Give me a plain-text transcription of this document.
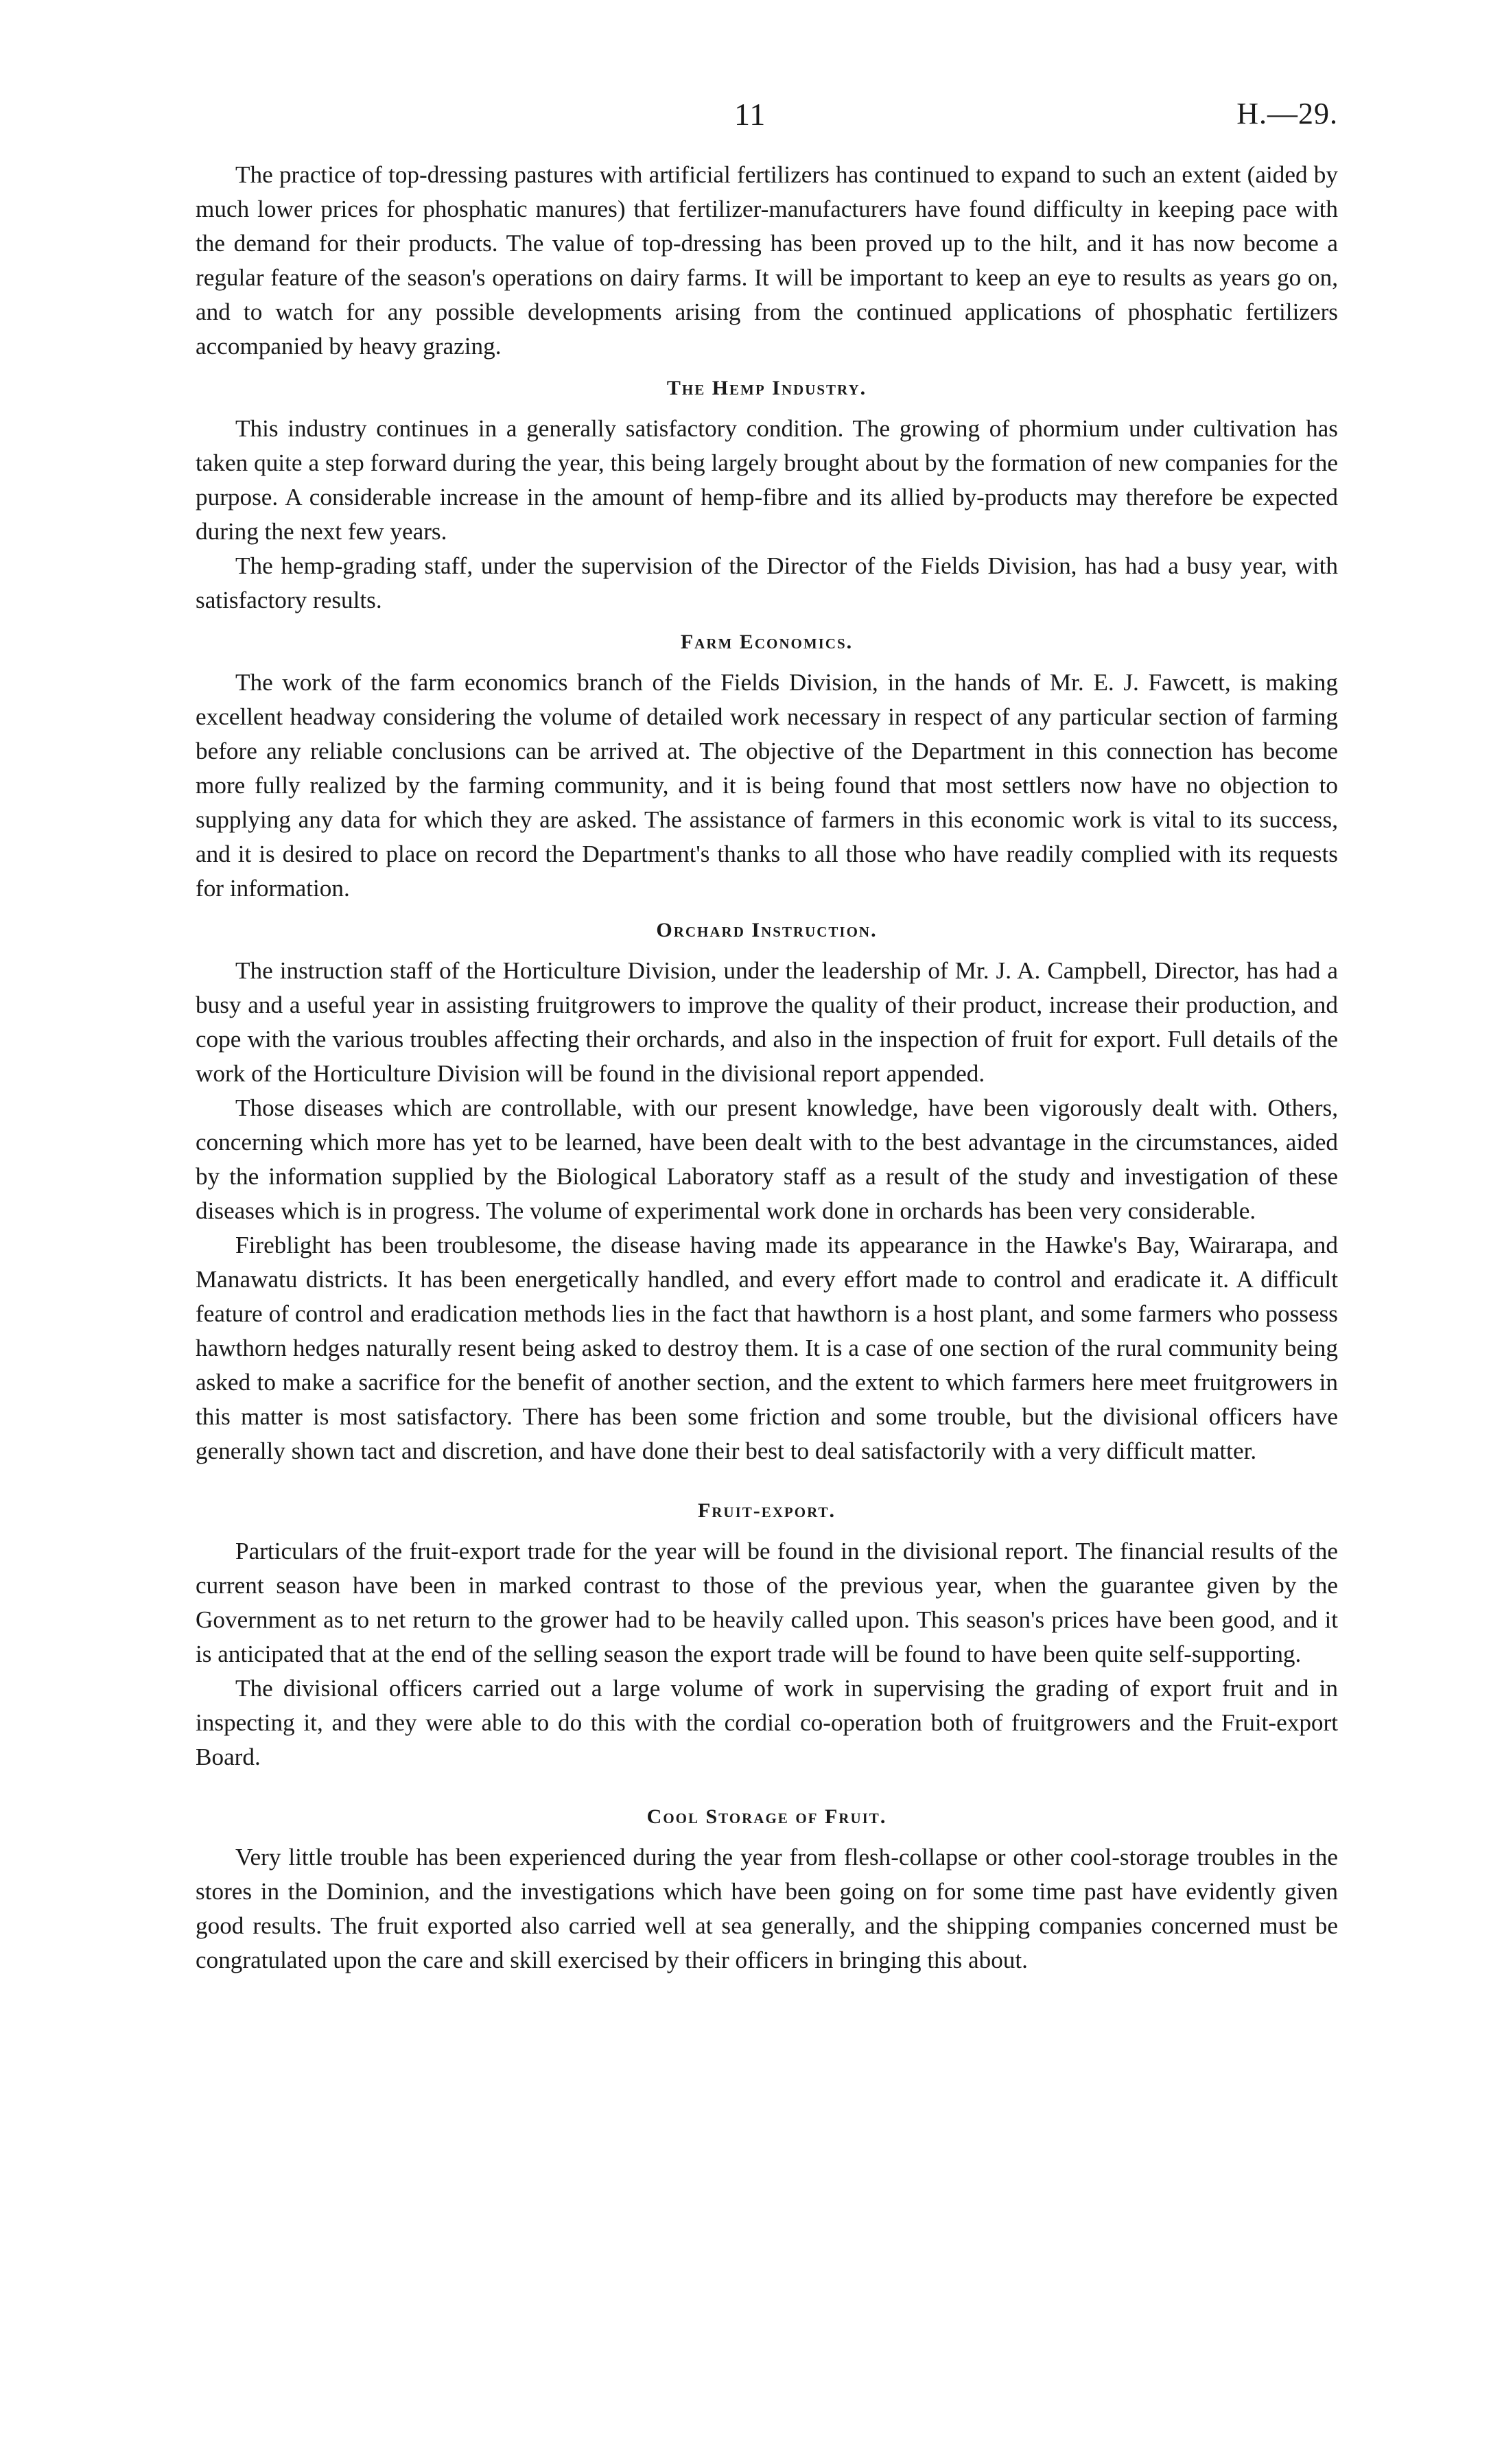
11	H.—29.

The practice of top-dressing pastures with artificial fertilizers has continued to expand to such an extent (aided by much lower prices for phosphatic manures) that fertilizer-manufacturers have found difficulty in keeping pace with the demand for their products. The value of top-dressing has been proved up to the hilt, and it has now become a regular feature of the season's operations on dairy farms. It will be important to keep an eye to results as years go on, and to watch for any possible developments arising from the continued applications of phosphatic fertilizers accompanied by heavy grazing.

The Hemp Industry.

This industry continues in a generally satisfactory condition. The growing of phormium under cultivation has taken quite a step forward during the year, this being largely brought about by the formation of new companies for the purpose. A considerable increase in the amount of hemp-fibre and its allied by-products may therefore be expected during the next few years.

The hemp-grading staff, under the supervision of the Director of the Fields Division, has had a busy year, with satisfactory results.

Farm Economics.

The work of the farm economics branch of the Fields Division, in the hands of Mr. E. J. Fawcett, is making excellent headway considering the volume of detailed work necessary in respect of any particular section of farming before any reliable conclusions can be arrived at. The objective of the Department in this connection has become more fully realized by the farming community, and it is being found that most settlers now have no objection to supplying any data for which they are asked. The assistance of farmers in this economic work is vital to its success, and it is desired to place on record the Department's thanks to all those who have readily complied with its requests for information.

Orchard Instruction.

The instruction staff of the Horticulture Division, under the leadership of Mr. J. A. Campbell, Director, has had a busy and a useful year in assisting fruitgrowers to improve the quality of their product, increase their production, and cope with the various troubles affecting their orchards, and also in the inspection of fruit for export. Full details of the work of the Horticulture Division will be found in the divisional report appended.

Those diseases which are controllable, with our present knowledge, have been vigorously dealt with. Others, concerning which more has yet to be learned, have been dealt with to the best advantage in the circumstances, aided by the information supplied by the Biological Laboratory staff as a result of the study and investigation of these diseases which is in progress. The volume of experimental work done in orchards has been very considerable.

Fireblight has been troublesome, the disease having made its appearance in the Hawke's Bay, Wairarapa, and Manawatu districts. It has been energetically handled, and every effort made to control and eradicate it. A difficult feature of control and eradication methods lies in the fact that hawthorn is a host plant, and some farmers who possess hawthorn hedges naturally resent being asked to destroy them. It is a case of one section of the rural community being asked to make a sacrifice for the benefit of another section, and the extent to which farmers here meet fruitgrowers in this matter is most satisfactory. There has been some friction and some trouble, but the divisional officers have generally shown tact and discretion, and have done their best to deal satisfactorily with a very difficult matter.

Fruit-export.

Particulars of the fruit-export trade for the year will be found in the divisional report. The financial results of the current season have been in marked contrast to those of the previous year, when the guarantee given by the Government as to net return to the grower had to be heavily called upon. This season's prices have been good, and it is anticipated that at the end of the selling season the export trade will be found to have been quite self-supporting.

The divisional officers carried out a large volume of work in supervising the grading of export fruit and in inspecting it, and they were able to do this with the cordial co-operation both of fruitgrowers and the Fruit-export Board.

Cool Storage of Fruit.

Very little trouble has been experienced during the year from flesh-collapse or other cool-storage troubles in the stores in the Dominion, and the investigations which have been going on for some time past have evidently given good results. The fruit exported also carried well at sea generally, and the shipping companies concerned must be congratulated upon the care and skill exercised by their officers in bringing this about.
